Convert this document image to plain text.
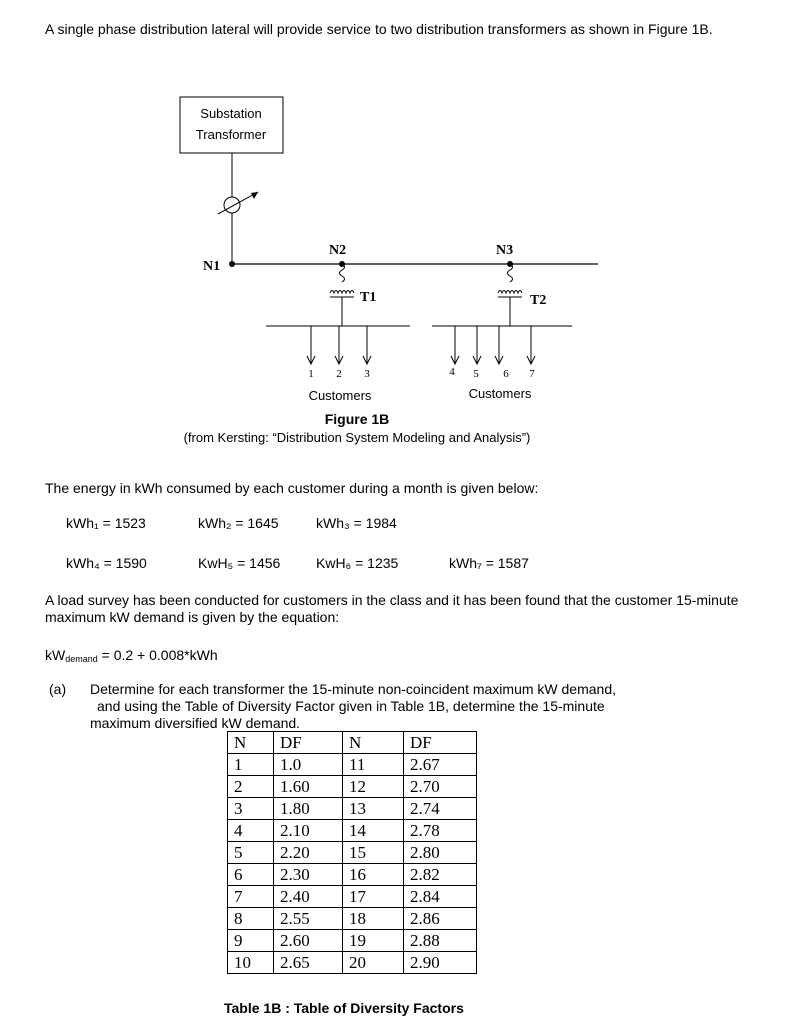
A single phase distribution lateral will provide service to two distribution transformers as shown in Figure 1B.
Substation
Transformer
N1
N2	N3
T1	T2
1 2 3	4 5 6 7
Customers	Customers
Figure 1B
(from Kersting: “Distribution System Modeling and Analysis”)
The energy in kWh consumed by each customer during a month is given below:
kWh₁ = 1523	kWh₂ = 1645	kWh₃ = 1984
kWh₄ = 1590	KwH₅ = 1456	KwH₆ = 1235	kWh₇ = 1587
A load survey has been conducted for customers in the class and it has been found that the customer 15-minute maximum kW demand is given by the equation:
$kW_{demand} = 0.2 + 0.008*kWh$
(a) Determine for each transformer the 15-minute non-coincident maximum kW demand,
and using the Table of Diversity Factor given in Table 1B, determine the 15-minute
maximum diversified kW demand.
N	DF	N	DF
1	1.0	11	2.67
2	1.60	12	2.70
3	1.80	13	2.74
4	2.10	14	2.78
5	2.20	15	2.80
6	2.30	16	2.82
7	2.40	17	2.84
8	2.55	18	2.86
9	2.60	19	2.88
10	2.65	20	2.90
Table 1B : Table of Diversity Factors
